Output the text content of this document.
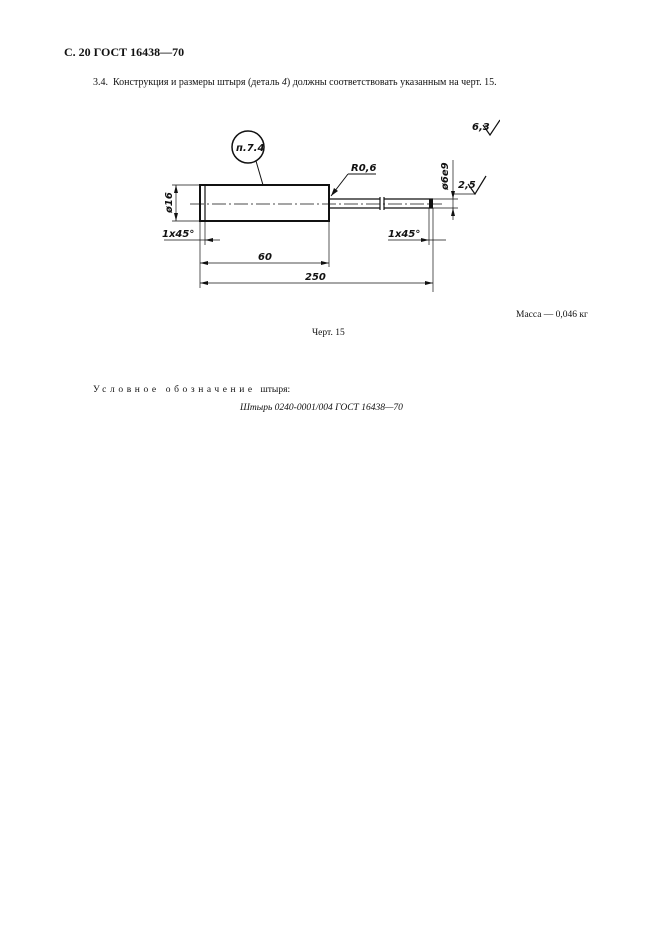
С. 20 ГОСТ 16438—70
3.4. Конструкция и размеры штыря (деталь 4) должны соответствовать указанным на черт. 15.
п.7.4
6,3
2,5
R0,6	ø6е9
ø16
1х45°	1х45°
60
250
Масса — 0,046 кг
Черт. 15
Условное обозначение штыря:
Штырь 0240-0001/004 ГОСТ 16438—70
